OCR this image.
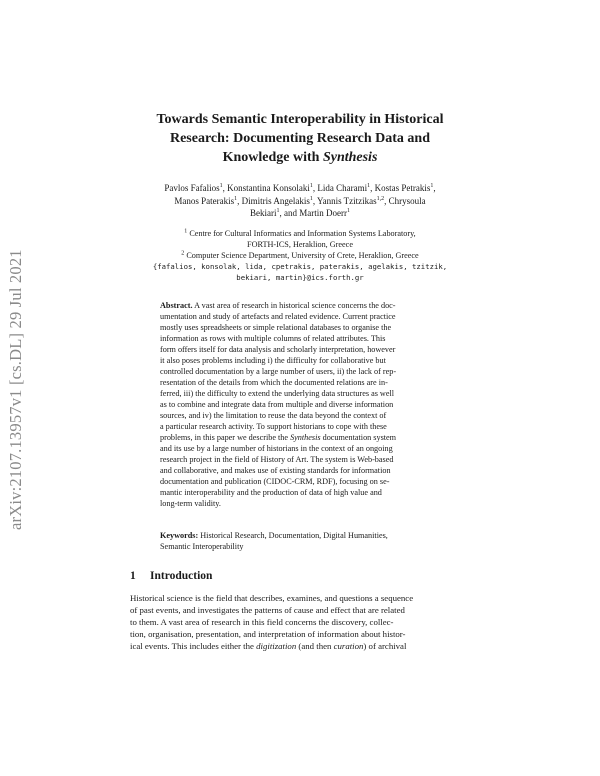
arXiv:2107.13957v1 [cs.DL] 29 Jul 2021
Towards Semantic Interoperability in Historical
Research: Documenting Research Data and
Knowledge with Synthesis
Pavlos Fafalios$^1$, Konstantina Konsolaki$^1$, Lida Charami$^1$, Kostas Petrakis$^1$,
Manos Paterakis$^1$, Dimitris Angelakis$^1$, Yannis Tzitzikas$^{1,2}$, Chrysoula
Bekiari$^1$, and Martin Doerr$^1$
$^1$ Centre for Cultural Informatics and Information Systems Laboratory,
FORTH-ICS, Heraklion, Greece
$^2$ Computer Science Department, University of Crete, Heraklion, Greece
{fafalios, konsolak, lida, cpetrakis, paterakis, agelakis, tzitzik,
bekiari, martin}@ics.forth.gr
Abstract. A vast area of research in historical science concerns the doc-
umentation and study of artefacts and related evidence. Current practice
mostly uses spreadsheets or simple relational databases to organise the
information as rows with multiple columns of related attributes. This
form offers itself for data analysis and scholarly interpretation, however
it also poses problems including i) the difficulty for collaborative but
controlled documentation by a large number of users, ii) the lack of rep-
resentation of the details from which the documented relations are in-
ferred, iii) the difficulty to extend the underlying data structures as well
as to combine and integrate data from multiple and diverse information
sources, and iv) the limitation to reuse the data beyond the context of
a particular research activity. To support historians to cope with these
problems, in this paper we describe the Synthesis documentation system
and its use by a large number of historians in the context of an ongoing
research project in the field of History of Art. The system is Web-based
and collaborative, and makes use of existing standards for information
documentation and publication (CIDOC-CRM, RDF), focusing on se-
mantic interoperability and the production of data of high value and
long-term validity.
Keywords: Historical Research, Documentation, Digital Humanities,
Semantic Interoperability
1 Introduction
Historical science is the field that describes, examines, and questions a sequence
of past events, and investigates the patterns of cause and effect that are related
to them. A vast area of research in this field concerns the discovery, collec-
tion, organisation, presentation, and interpretation of information about histor-
ical events. This includes either the digitization (and then curation) of archival
